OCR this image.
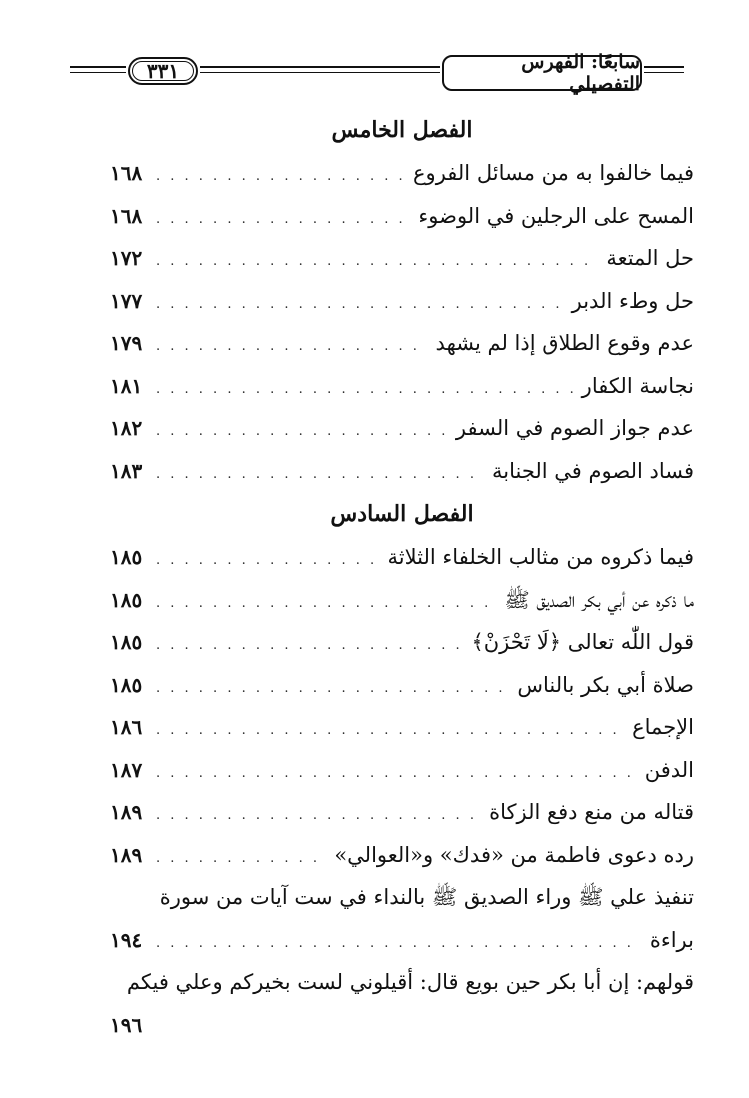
٣٣١	سابعًا: الفهرس التفصيلي
الفصل الخامس
فيما خالفوا به من مسائل الفروع
. . .
١٦٨
المسح على الرجلين في الوضوء
. . .
١٦٨
حل المتعة
. . .
١٧٢
حل وطء الدبر
. . .
١٧٧
عدم وقوع الطلاق إذا لم يشهد
. . .
١٧٩
نجاسة الكفار
. . .
١٨١
عدم جواز الصوم في السفر
. . .
١٨٢
فساد الصوم في الجنابة
. . .
١٨٣
الفصل السادس
فيما ذكروه من مثالب الخلفاء الثلاثة
. . .
١٨٥
ما ذكره عن أبي بكر الصديق ﷺ
. . .
١٨٥
قول اللّٰه تعالى ﴿لَا تَحْزَنْ﴾
. . .
١٨٥
صلاة أبي بكر بالناس
. . .
١٨٥
الإجماع
. . .
١٨٦
الدفن
. . .
١٨٧
قتاله من منع دفع الزكاة
. . .
١٨٩
رده دعوى فاطمة من «فدك» و«العوالي»
. . .
١٨٩
تنفيذ علي ﷺ وراء الصديق ﷺ بالنداء في ست آيات من سورة
براءة
. . .
١٩٤
قولهم: إن أبا بكر حين بويع قال: أقيلوني لست بخيركم وعلي فيكم
١٩٦
